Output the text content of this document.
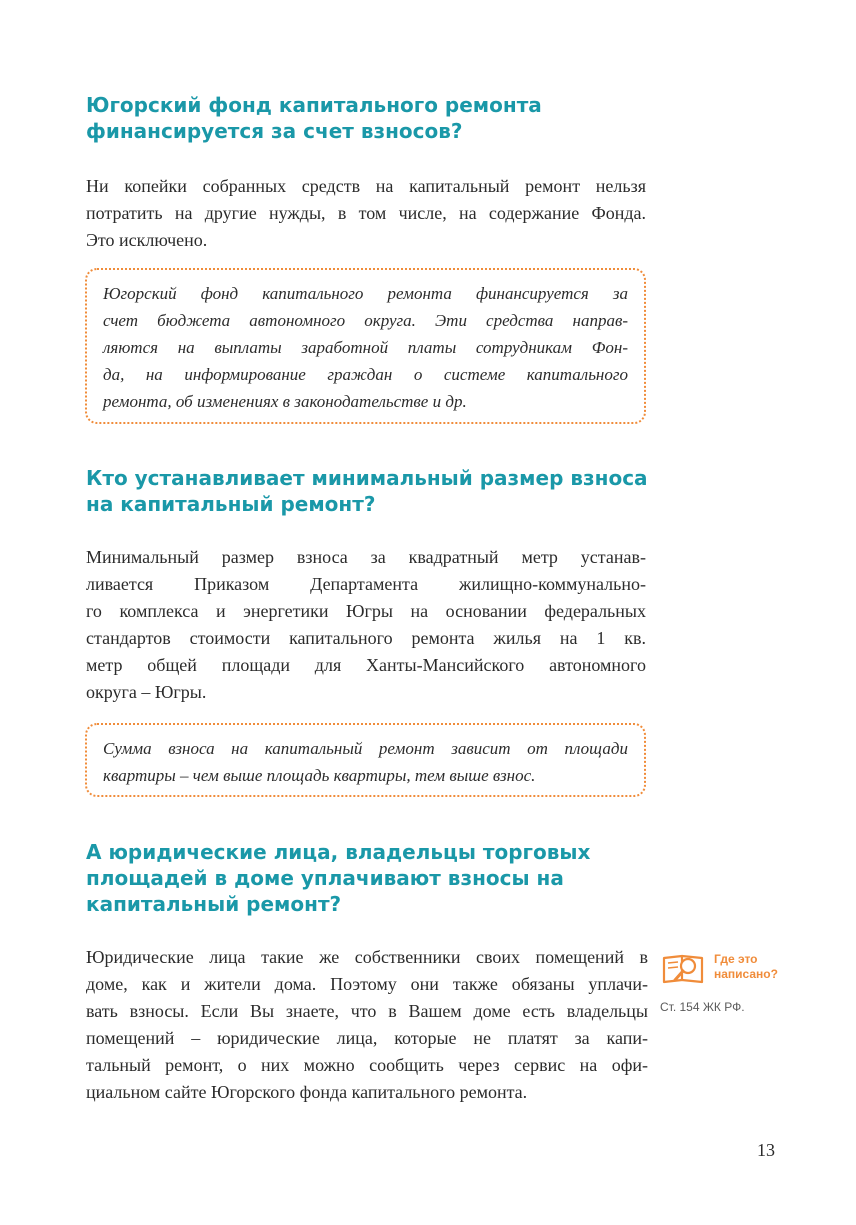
Югорский фонд капитального ремонта
финансируется за счет взносов?
Ни копейки собранных средств на капитальный ремонт нельзя
потратить на другие нужды, в том числе, на содержание Фонда.
Это исключено.
Югорский фонд капитального ремонта финансируется за
счет бюджета автономного округа. Эти средства направ-
ляются на выплаты заработной платы сотрудникам Фон-
да, на информирование граждан о системе капитального
ремонта, об изменениях в законодательстве и др.
Кто устанавливает минимальный размер взноса
на капитальный ремонт?
Минимальный размер взноса за квадратный метр устанав-
ливается Приказом Департамента жилищно-коммунально-
го комплекса и энергетики Югры на основании федеральных
стандартов стоимости капитального ремонта жилья на 1 кв.
метр общей площади для Ханты-Мансийского автономного
округа – Югры.
Сумма взноса на капитальный ремонт зависит от площади
квартиры – чем выше площадь квартиры, тем выше взнос.
А юридические лица, владельцы торговых
площадей в доме уплачивают взносы на
капитальный ремонт?
Юридические лица такие же собственники своих помещений в
доме, как и жители дома. Поэтому они также обязаны уплачи-
вать взносы. Если Вы знаете, что в Вашем доме есть владельцы
помещений – юридические лица, которые не платят за капи-
тальный ремонт, о них можно сообщить через сервис на офи-
циальном сайте Югорского фонда капитального ремонта.
Где это
написано?
Ст. 154 ЖК РФ.
13
